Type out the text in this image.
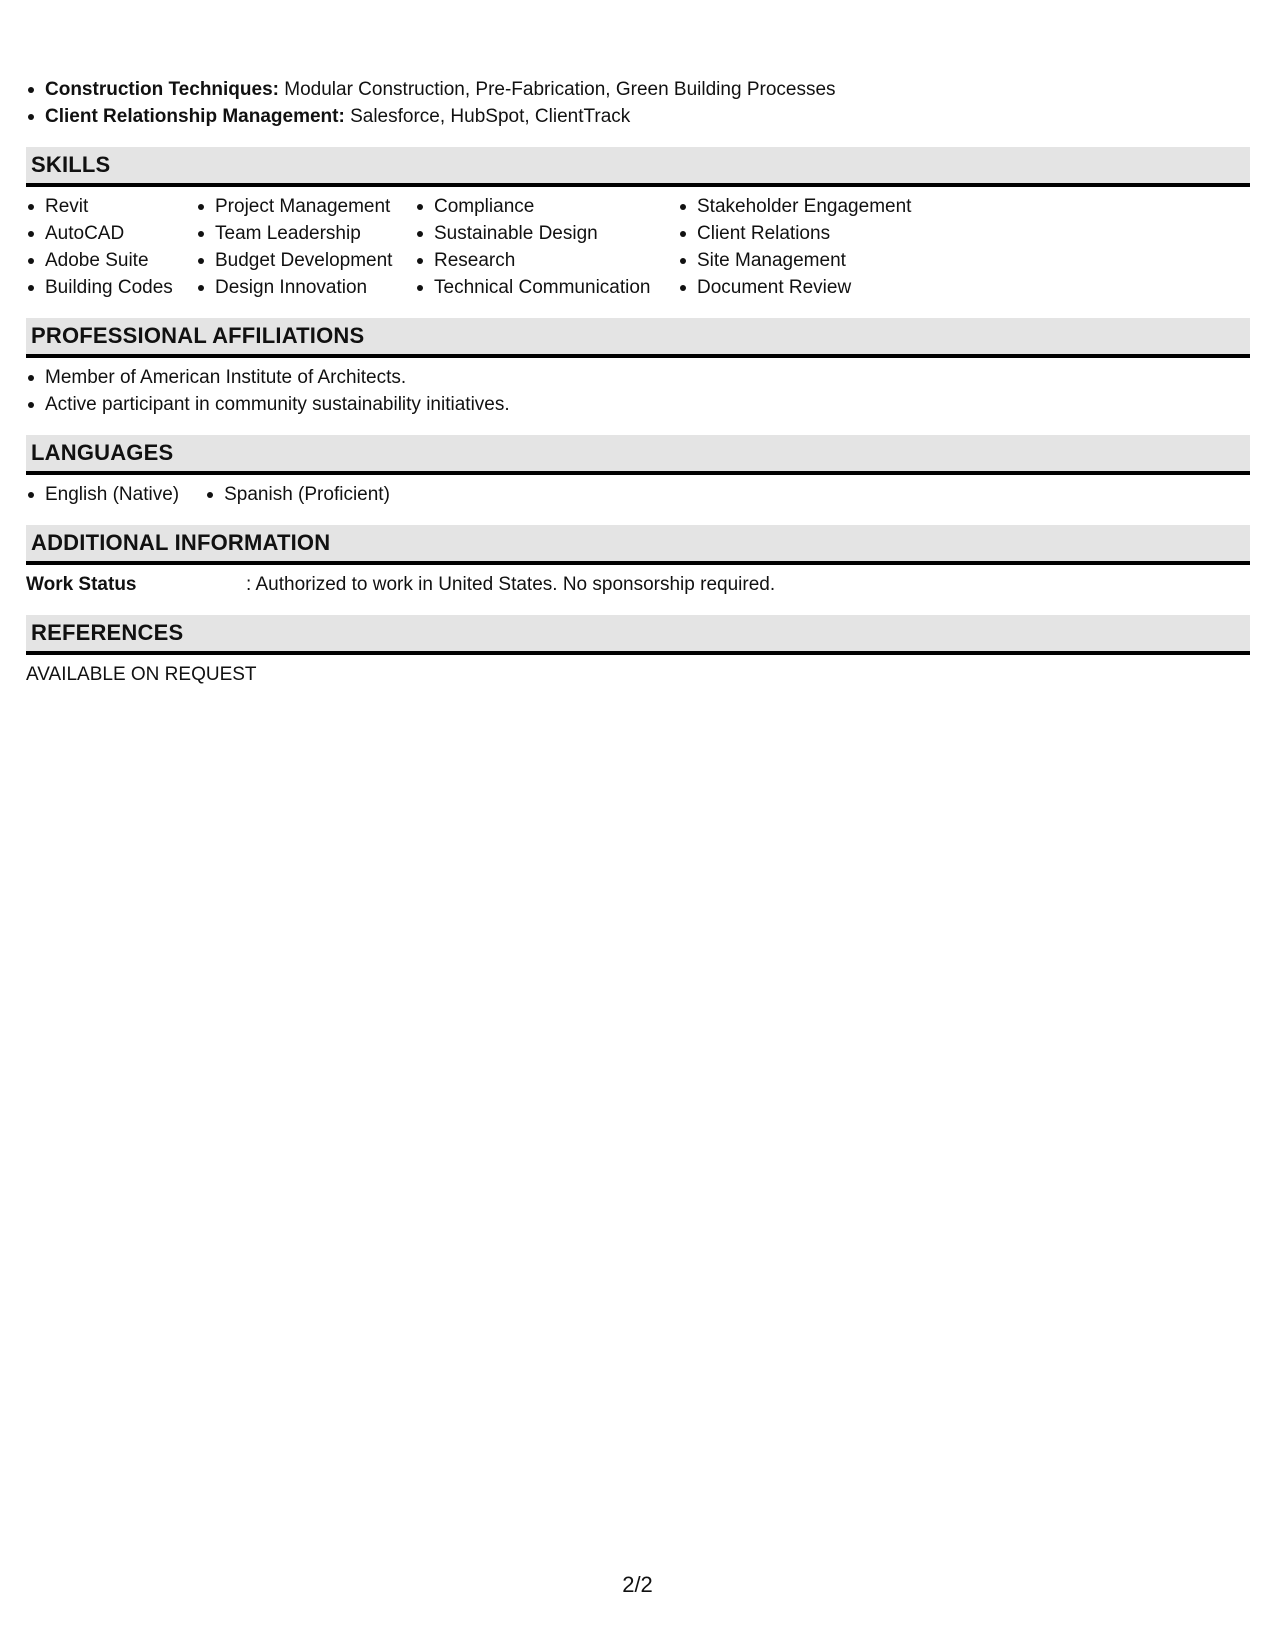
Construction Techniques: Modular Construction, Pre-Fabrication, Green Building Processes
Client Relationship Management: Salesforce, HubSpot, ClientTrack
SKILLS
Revit
AutoCAD
Adobe Suite
Building Codes
Project Management
Team Leadership
Budget Development
Design Innovation
Compliance
Sustainable Design
Research
Technical Communication
Stakeholder Engagement
Client Relations
Site Management
Document Review
PROFESSIONAL AFFILIATIONS
Member of American Institute of Architects.
Active participant in community sustainability initiatives.
LANGUAGES
English (Native)	Spanish (Proficient)
ADDITIONAL INFORMATION
Work Status	: Authorized to work in United States. No sponsorship required.
REFERENCES
AVAILABLE ON REQUEST
2/2
